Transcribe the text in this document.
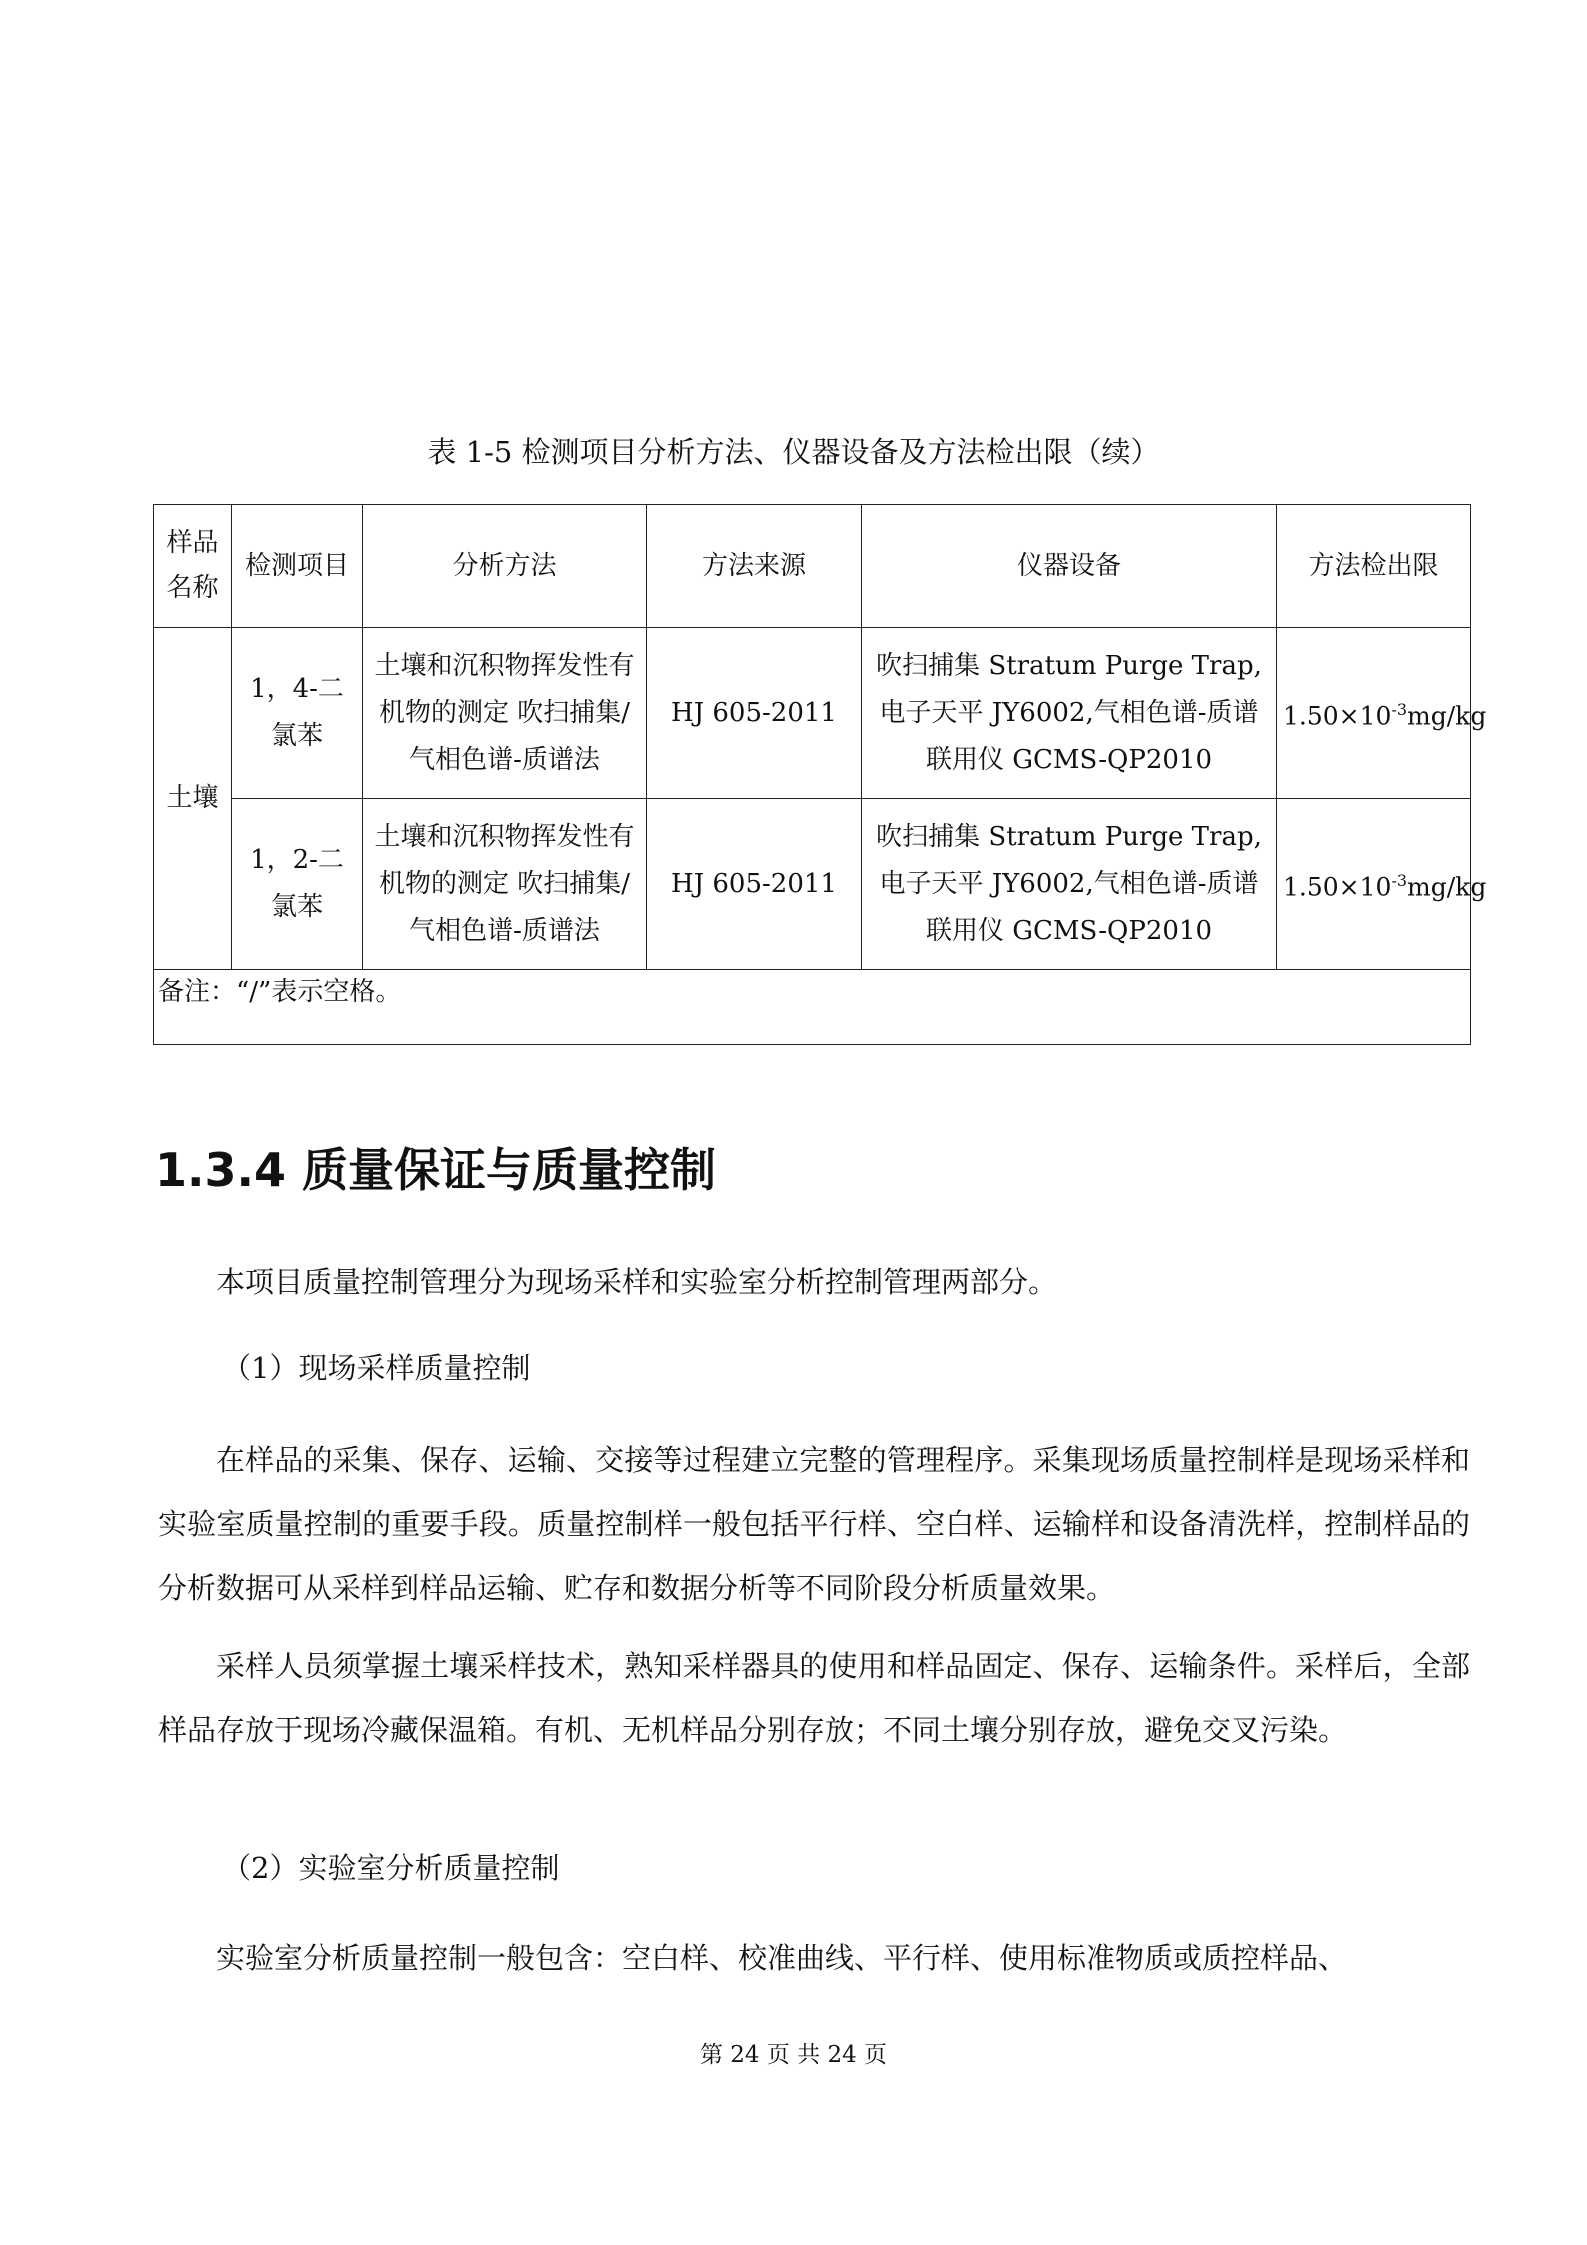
表 1-5 检测项目分析方法、仪器设备及方法检出限（续）
样品名称	检测项目	分析方法	方法来源	仪器设备	方法检出限
土壤	1，4-二氯苯	土壤和沉积物挥发性有机物的测定 吹扫捕集/气相色谱-质谱法	HJ 605-2011	吹扫捕集 Stratum Purge Trap,电子天平 JY6002,气相色谱-质谱联用仪 GCMS-QP2010	$1.50\times 10^{-3}mg/kg$
	1，2-二氯苯	土壤和沉积物挥发性有机物的测定 吹扫捕集/气相色谱-质谱法	HJ 605-2011	吹扫捕集 Stratum Purge Trap,电子天平 JY6002,气相色谱-质谱联用仪 GCMS-QP2010	$1.50\times 10^{-3}mg/kg$
备注：“/”表示空格。					
1.3.4 质量保证与质量控制
本项目质量控制管理分为现场采样和实验室分析控制管理两部分。
（1）现场采样质量控制
在样品的采集、保存、运输、交接等过程建立完整的管理程序。采集现场质量控制样是现场采样和实验室质量控制的重要手段。质量控制样一般包括平行样、空白样、运输样和设备清洗样，控制样品的分析数据可从采样到样品运输、贮存和数据分析等不同阶段分析质量效果。
采样人员须掌握土壤采样技术，熟知采样器具的使用和样品固定、保存、运输条件。采样后，全部样品存放于现场冷藏保温箱。有机、无机样品分别存放；不同土壤分别存放，避免交叉污染。
（2）实验室分析质量控制
实验室分析质量控制一般包含：空白样、校准曲线、平行样、使用标准物质或质控样品、
第 24 页 共 24 页
